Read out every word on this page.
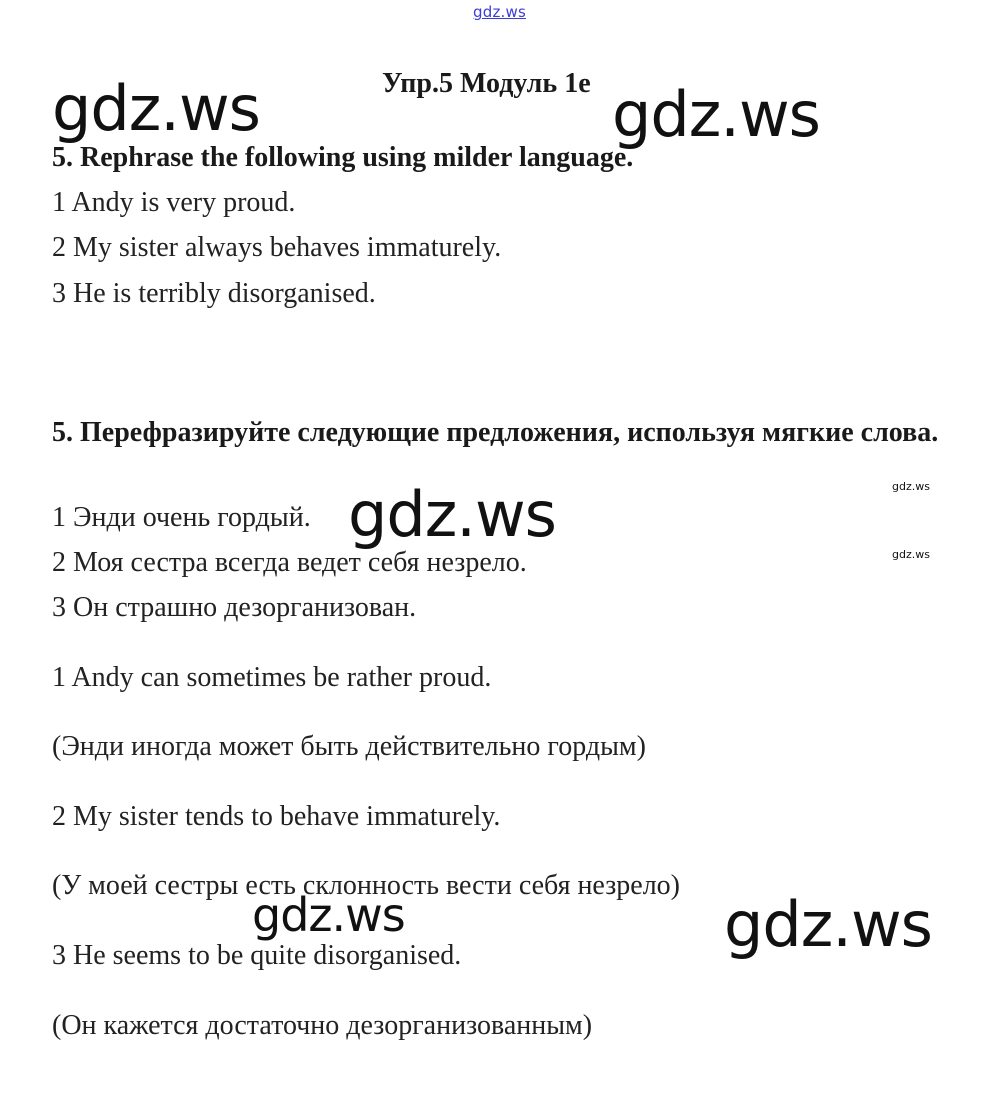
gdz.ws
gdz.ws	gdz.ws
Упр.5 Модуль 1e
5. Rephrase the following using milder language.
1 Andy is very proud.
2 My sister always behaves immaturely.
3 He is terribly disorganised.
5. Перефразируйте следующие предложения, используя мягкие слова.
1 Энди очень гордый.
2 Моя сестра всегда ведет себя незрело.
3 Он страшно дезорганизован.
gdz.ws	gdz.ws
gdz.ws
1 Andy can sometimes be rather proud.
(Энди иногда может быть действительно гордым)
2 My sister tends to behave immaturely.
(У моей сестры есть склонность вести себя незрело)
3 He seems to be quite disorganised.
(Он кажется достаточно дезорганизованным)
gdz.ws	gdz.ws
